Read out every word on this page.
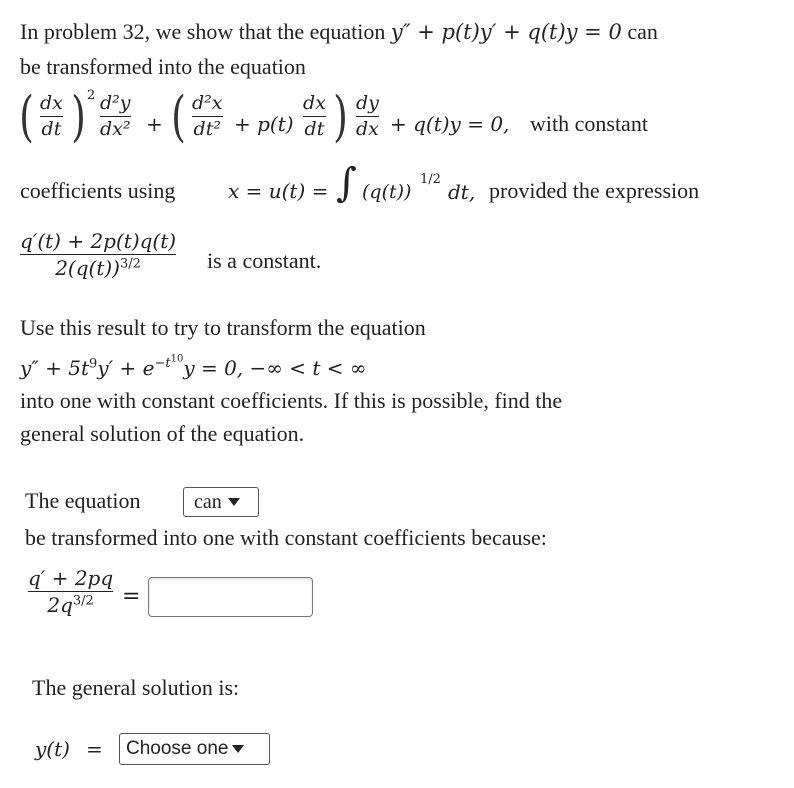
In problem 32, we show that the equation y″ + p(t)y′ + q(t)y = 0 can
be transformed into the equation
( dx
dt ) 2 d²y
dx² + ( d²x
dt² + p(t)
dx
dt ) dy
dx + q(t)y = 0, with constant
coefficients using	x = u(t) = ∫ (q(t))
1/2
dt, provided the expression
q′(t) + 2p(t)q(t)
$2(q(t))^{3/2}$	is a constant.
Use this result to try to transform the equation
$y'' + 5t^9y' + e^{-t^{10}}y = 0$, −∞ < t < ∞
into one with constant coefficients. If this is possible, find the
general solution of the equation.
The equation	can
be transformed into one with constant coefficients because:
q′ + 2pq
$2q^{3/2}$ =
The general solution is:
y(t) = Choose one
